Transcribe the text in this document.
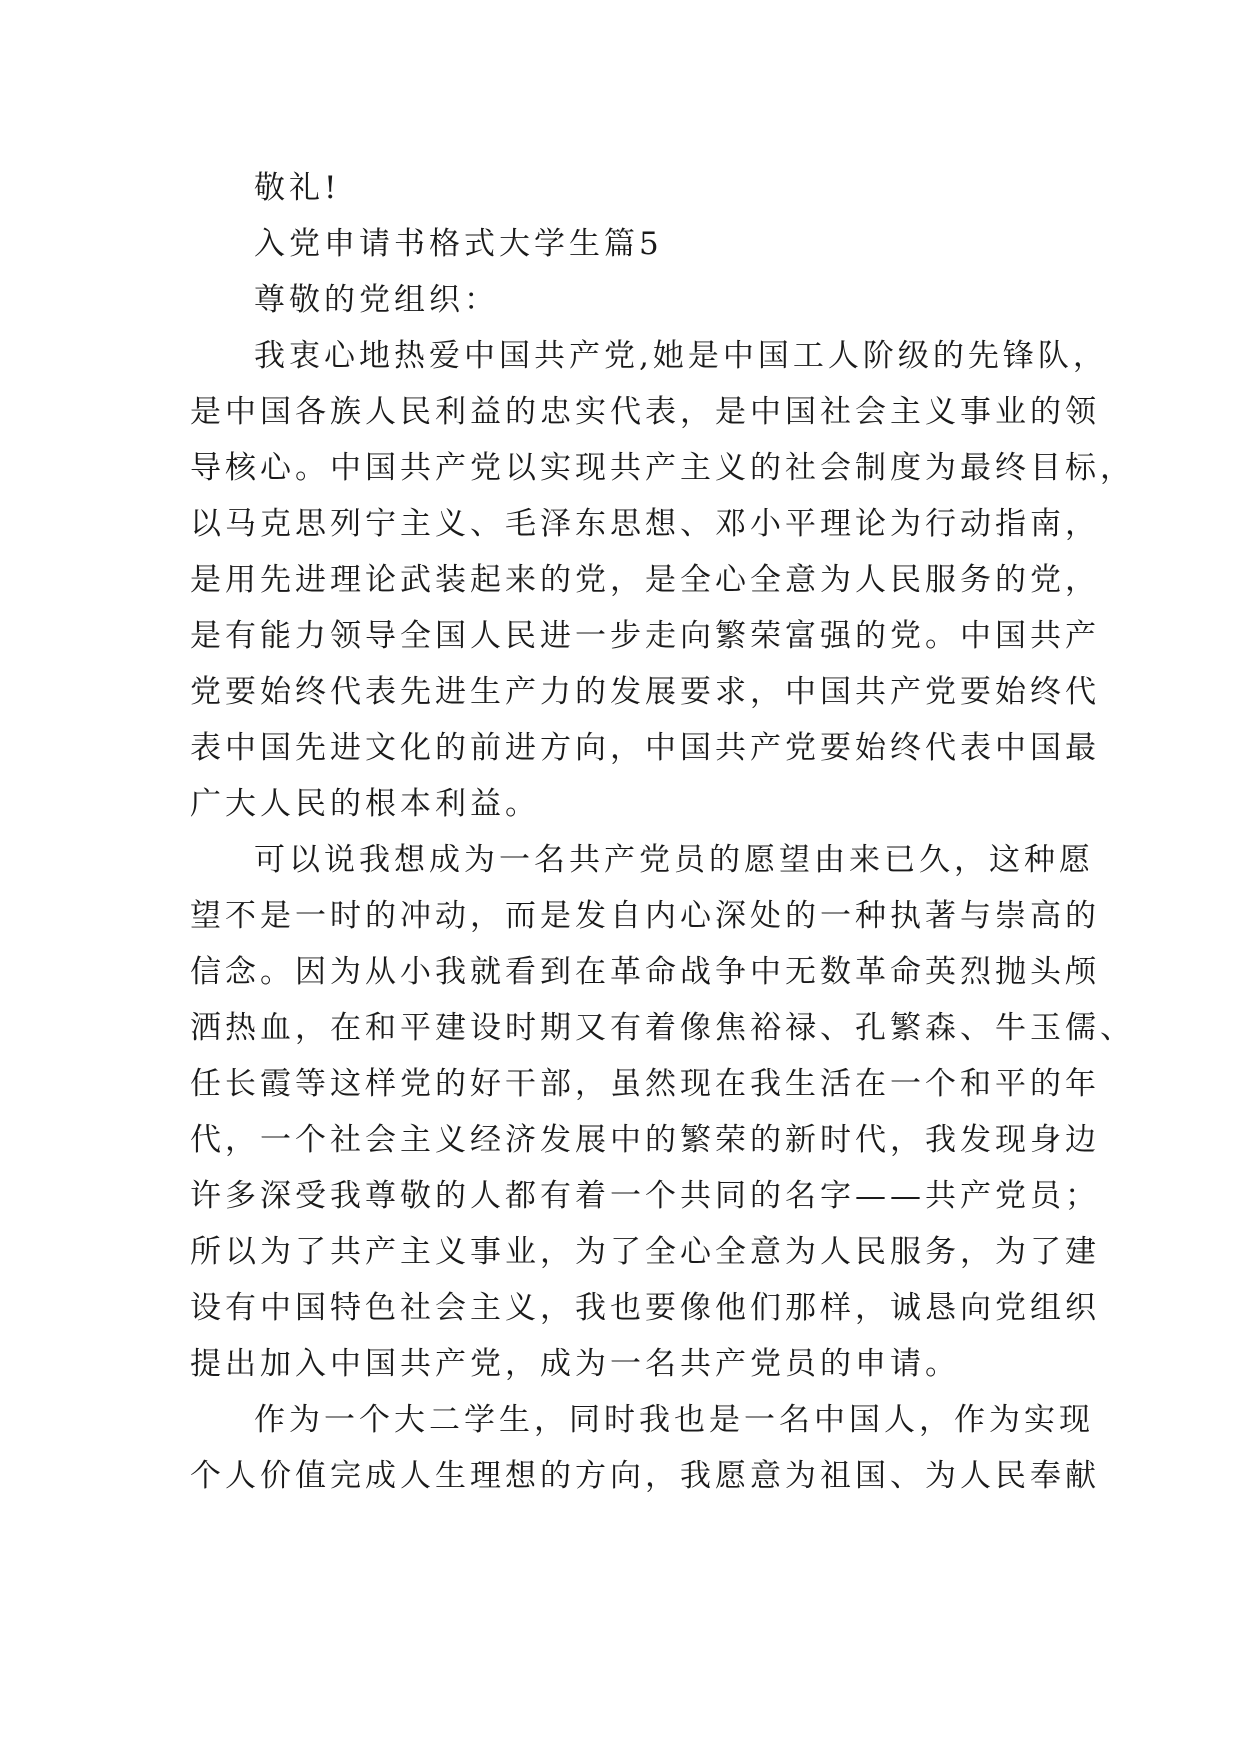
敬礼!

入党申请书格式大学生篇5

尊敬的党组织：

我衷心地热爱中国共产党,她是中国工人阶级的先锋队，

是中国各族人民利益的忠实代表，是中国社会主义事业的领

导核心。中国共产党以实现共产主义的社会制度为最终目标，

以马克思列宁主义、毛泽东思想、邓小平理论为行动指南，

是用先进理论武装起来的党，是全心全意为人民服务的党，

是有能力领导全国人民进一步走向繁荣富强的党。中国共产

党要始终代表先进生产力的发展要求，中国共产党要始终代

表中国先进文化的前进方向，中国共产党要始终代表中国最

广大人民的根本利益。

可以说我想成为一名共产党员的愿望由来已久，这种愿

望不是一时的冲动，而是发自内心深处的一种执著与崇高的

信念。因为从小我就看到在革命战争中无数革命英烈抛头颅

洒热血，在和平建设时期又有着像焦裕禄、孔繁森、牛玉儒、

任长霞等这样党的好干部，虽然现在我生活在一个和平的年

代，一个社会主义经济发展中的繁荣的新时代，我发现身边

许多深受我尊敬的人都有着一个共同的名字——共产党员；

所以为了共产主义事业，为了全心全意为人民服务，为了建

设有中国特色社会主义，我也要像他们那样，诚恳向党组织

提出加入中国共产党，成为一名共产党员的申请。

作为一个大二学生，同时我也是一名中国人，作为实现

个人价值完成人生理想的方向，我愿意为祖国、为人民奉献
